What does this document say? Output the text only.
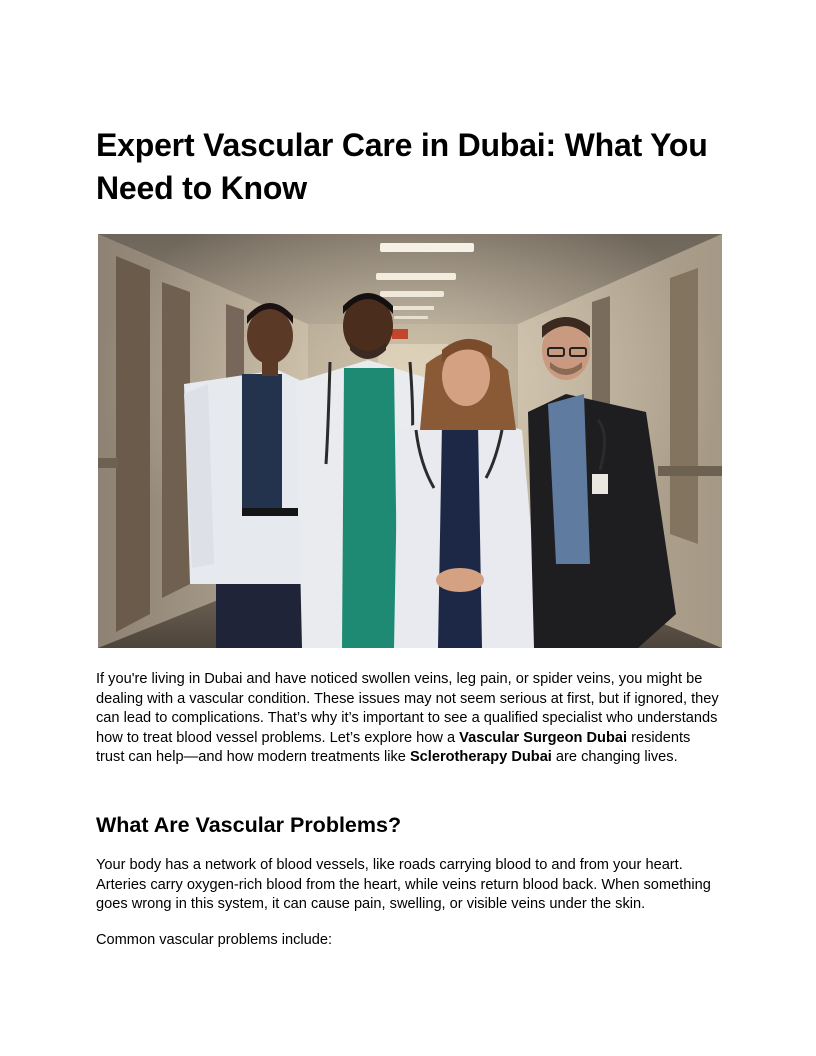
Expert Vascular Care in Dubai: What You Need to Know

If you're living in Dubai and have noticed swollen veins, leg pain, or spider veins, you might be dealing with a vascular condition. These issues may not seem serious at first, but if ignored, they can lead to complications. That’s why it’s important to see a qualified specialist who understands how to treat blood vessel problems. Let’s explore how a Vascular Surgeon Dubai residents trust can help—and how modern treatments like Sclerotherapy Dubai are changing lives.

What Are Vascular Problems?

Your body has a network of blood vessels, like roads carrying blood to and from your heart. Arteries carry oxygen-rich blood from the heart, while veins return blood back. When something goes wrong in this system, it can cause pain, swelling, or visible veins under the skin.

Common vascular problems include:
